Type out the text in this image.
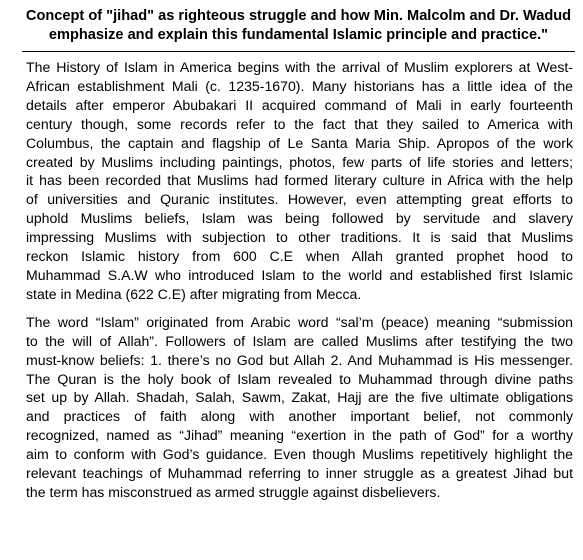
Concept of "jihad" as righteous struggle and how Min. Malcolm and Dr. Wadud
emphasize and explain this fundamental Islamic principle and practice."
The History of Islam in America begins with the arrival of Muslim explorers at West-
African establishment Mali (c. 1235-1670). Many historians has a little idea of the
details after emperor Abubakari II acquired command of Mali in early fourteenth
century though, some records refer to the fact that they sailed to America with
Columbus, the captain and flagship of Le Santa Maria Ship. Apropos of the work
created by Muslims including paintings, photos, few parts of life stories and letters;
it has been recorded that Muslims had formed literary culture in Africa with the help
of universities and Quranic institutes. However, even attempting great efforts to
uphold Muslims beliefs, Islam was being followed by servitude and slavery
impressing Muslims with subjection to other traditions. It is said that Muslims
reckon Islamic history from 600 C.E when Allah granted prophet hood to
Muhammad S.A.W who introduced Islam to the world and established first Islamic
state in Medina (622 C.E) after migrating from Mecca.
The word “Islam” originated from Arabic word “sal’m (peace) meaning “submission
to the will of Allah”. Followers of Islam are called Muslims after testifying the two
must-know beliefs: 1. there’s no God but Allah 2. And Muhammad is His messenger.
The Quran is the holy book of Islam revealed to Muhammad through divine paths
set up by Allah. Shadah, Salah, Sawm, Zakat, Hajj are the five ultimate obligations
and practices of faith along with another important belief, not commonly
recognized, named as “Jihad” meaning “exertion in the path of God” for a worthy
aim to conform with God’s guidance. Even though Muslims repetitively highlight the
relevant teachings of Muhammad referring to inner struggle as a greatest Jihad but
the term has misconstrued as armed struggle against disbelievers.
